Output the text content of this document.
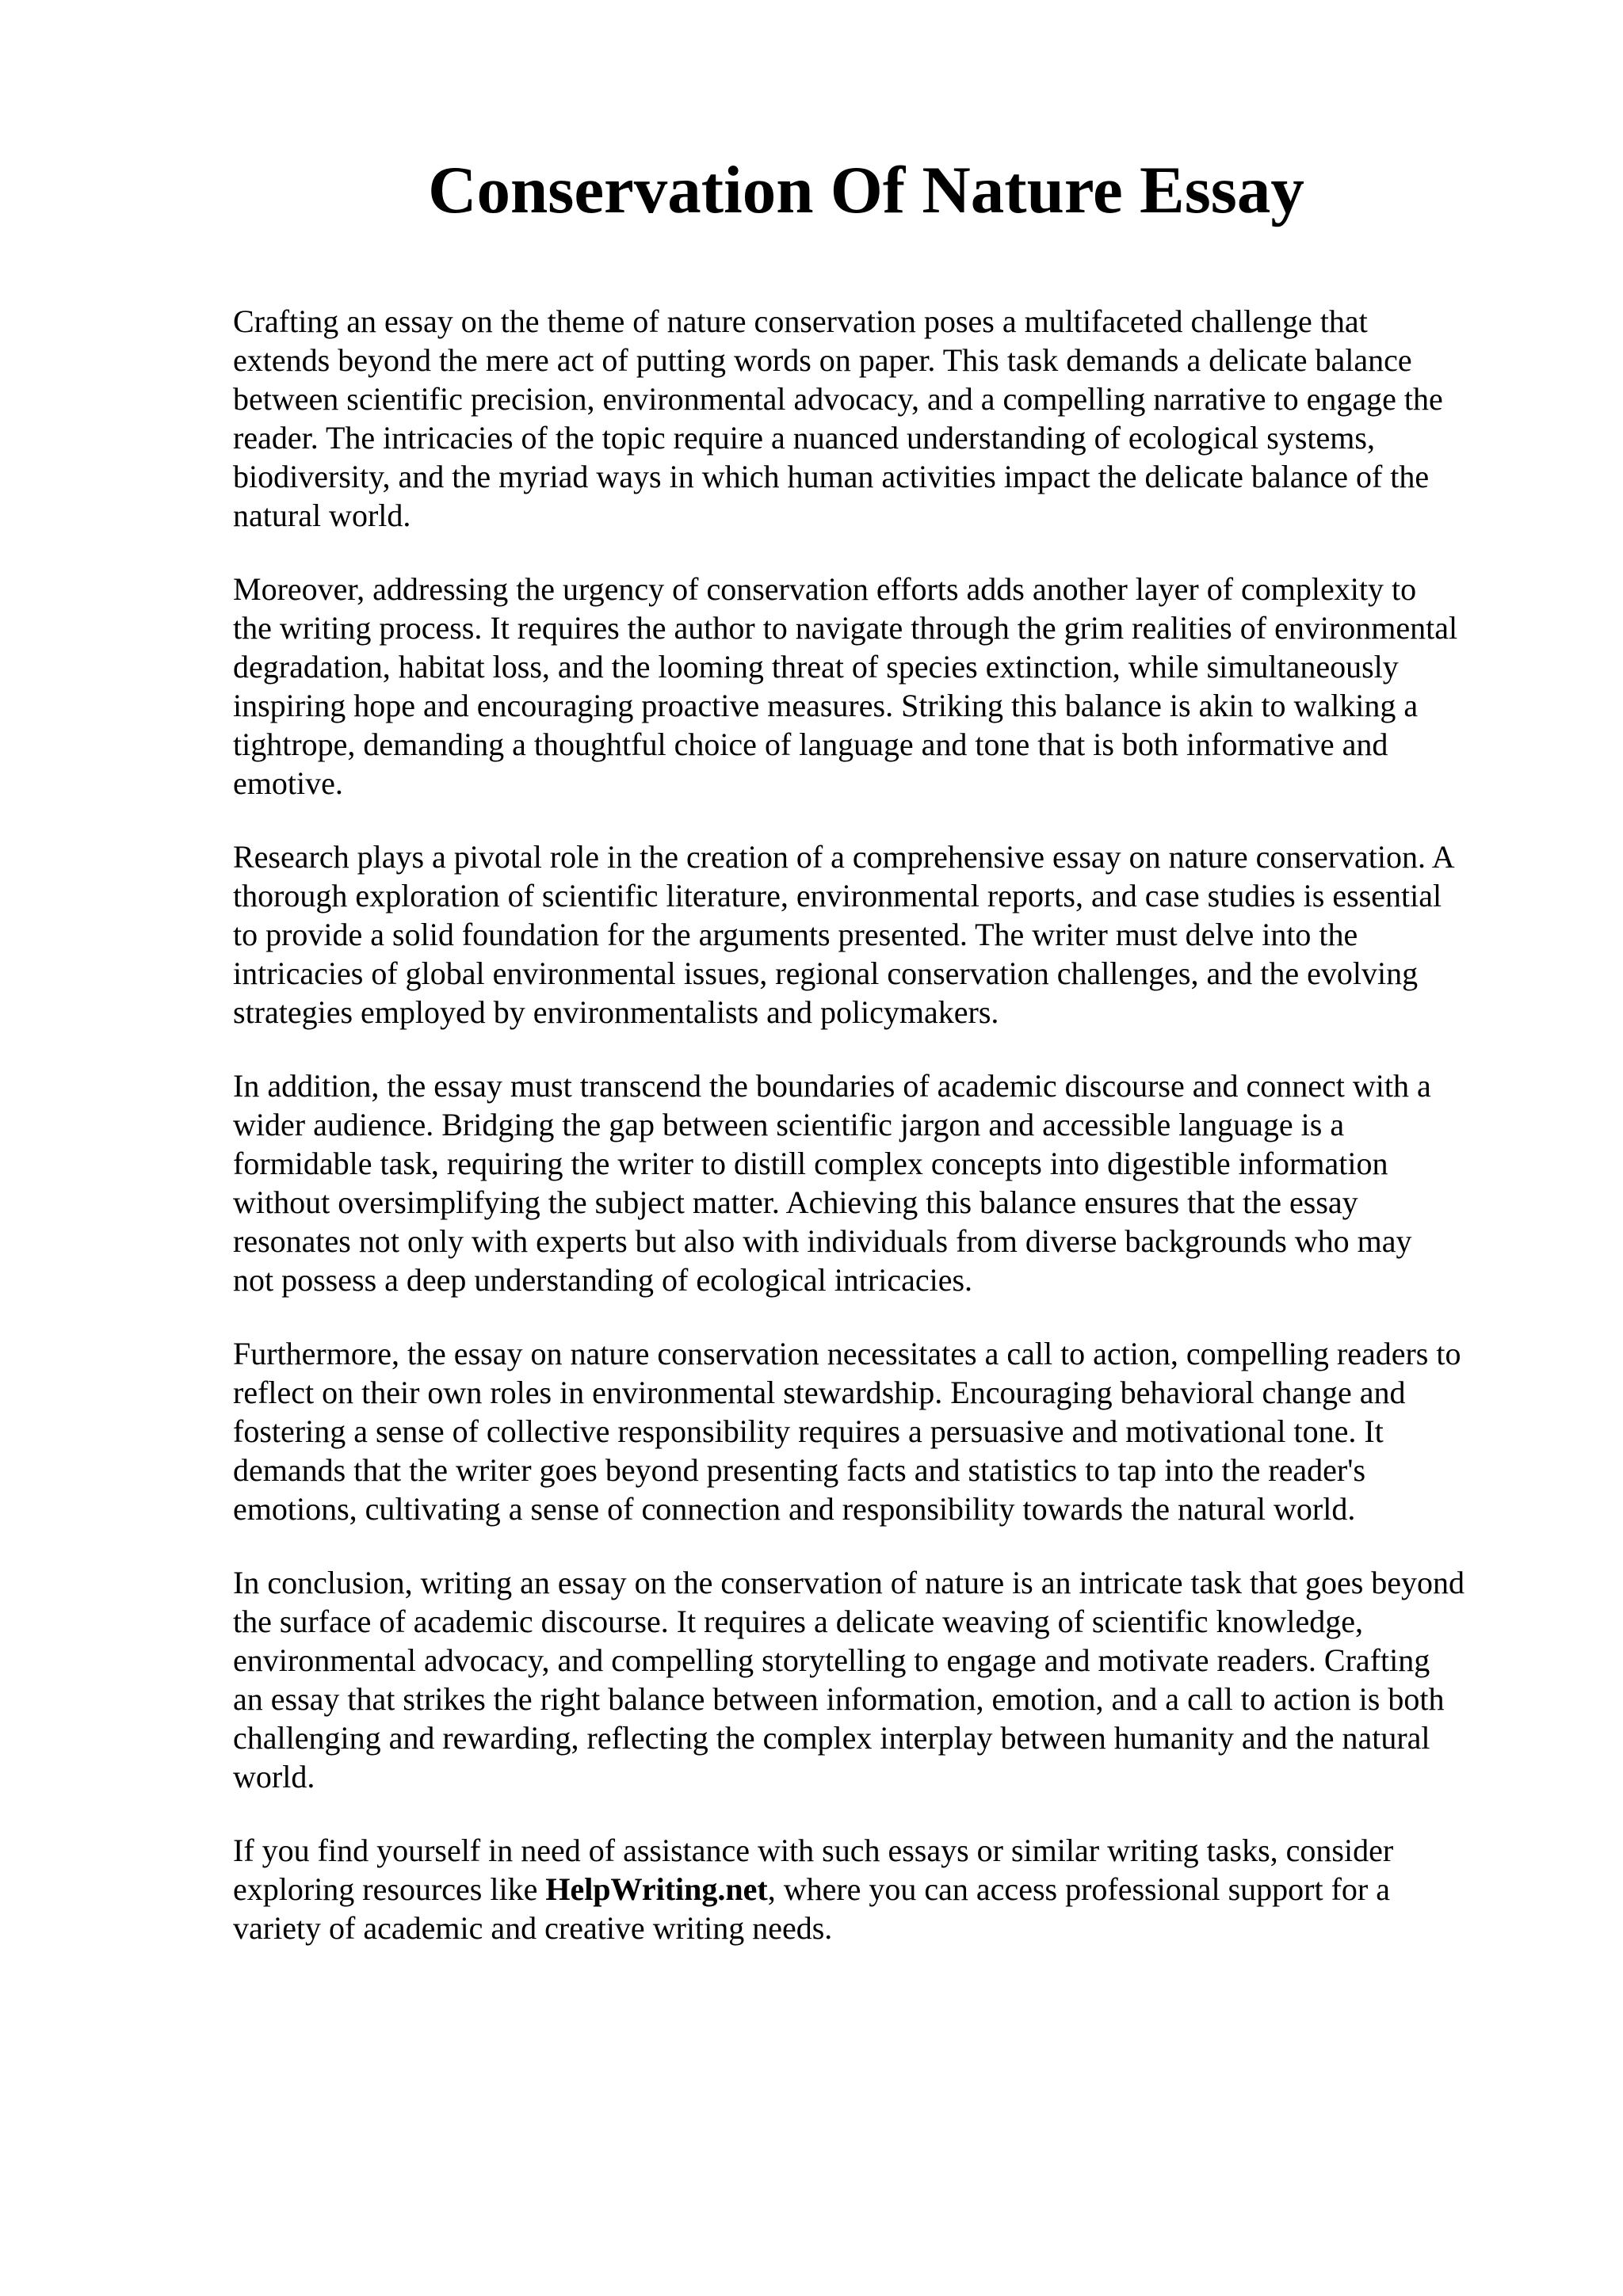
Conservation Of Nature Essay

Crafting an essay on the theme of nature conservation poses a multifaceted challenge that
extends beyond the mere act of putting words on paper. This task demands a delicate balance
between scientific precision, environmental advocacy, and a compelling narrative to engage the
reader. The intricacies of the topic require a nuanced understanding of ecological systems,
biodiversity, and the myriad ways in which human activities impact the delicate balance of the
natural world.

Moreover, addressing the urgency of conservation efforts adds another layer of complexity to
the writing process. It requires the author to navigate through the grim realities of environmental
degradation, habitat loss, and the looming threat of species extinction, while simultaneously
inspiring hope and encouraging proactive measures. Striking this balance is akin to walking a
tightrope, demanding a thoughtful choice of language and tone that is both informative and
emotive.

Research plays a pivotal role in the creation of a comprehensive essay on nature conservation. A
thorough exploration of scientific literature, environmental reports, and case studies is essential
to provide a solid foundation for the arguments presented. The writer must delve into the
intricacies of global environmental issues, regional conservation challenges, and the evolving
strategies employed by environmentalists and policymakers.

In addition, the essay must transcend the boundaries of academic discourse and connect with a
wider audience. Bridging the gap between scientific jargon and accessible language is a
formidable task, requiring the writer to distill complex concepts into digestible information
without oversimplifying the subject matter. Achieving this balance ensures that the essay
resonates not only with experts but also with individuals from diverse backgrounds who may
not possess a deep understanding of ecological intricacies.

Furthermore, the essay on nature conservation necessitates a call to action, compelling readers to
reflect on their own roles in environmental stewardship. Encouraging behavioral change and
fostering a sense of collective responsibility requires a persuasive and motivational tone. It
demands that the writer goes beyond presenting facts and statistics to tap into the reader's
emotions, cultivating a sense of connection and responsibility towards the natural world.

In conclusion, writing an essay on the conservation of nature is an intricate task that goes beyond
the surface of academic discourse. It requires a delicate weaving of scientific knowledge,
environmental advocacy, and compelling storytelling to engage and motivate readers. Crafting
an essay that strikes the right balance between information, emotion, and a call to action is both
challenging and rewarding, reflecting the complex interplay between humanity and the natural
world.

If you find yourself in need of assistance with such essays or similar writing tasks, consider
exploring resources like HelpWriting.net, where you can access professional support for a
variety of academic and creative writing needs.
